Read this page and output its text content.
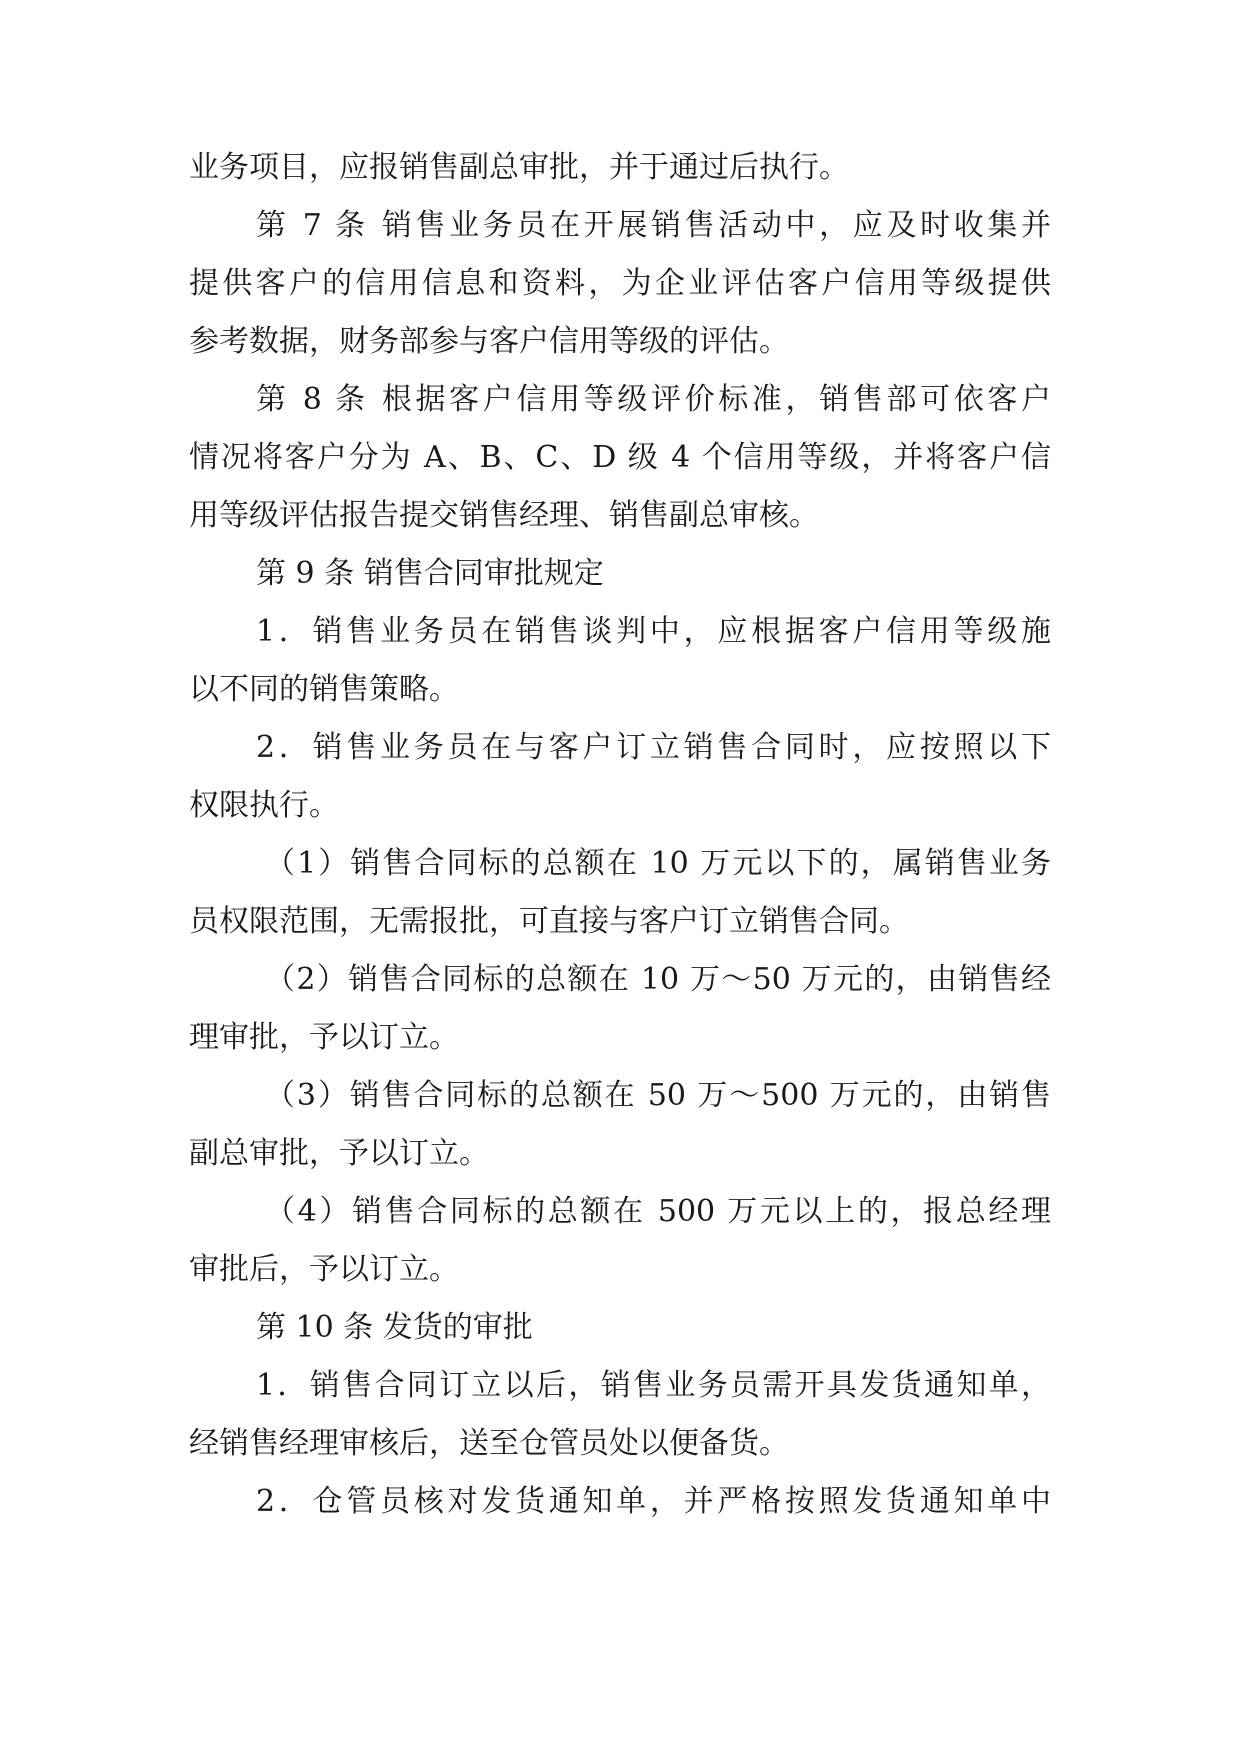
业务项目，应报销售副总审批，并于通过后执行。
第 7 条 销售业务员在开展销售活动中，应及时收集并
提供客户的信用信息和资料，为企业评估客户信用等级提供
参考数据，财务部参与客户信用等级的评估。
第 8 条 根据客户信用等级评价标准，销售部可依客户
情况将客户分为 A、B、C、D 级 4 个信用等级，并将客户信
用等级评估报告提交销售经理、销售副总审核。
第 9 条 销售合同审批规定
1．销售业务员在销售谈判中，应根据客户信用等级施
以不同的销售策略。
2．销售业务员在与客户订立销售合同时，应按照以下
权限执行。
（1）销售合同标的总额在 10 万元以下的，属销售业务
员权限范围，无需报批，可直接与客户订立销售合同。
（2）销售合同标的总额在 10 万～50 万元的，由销售经
理审批，予以订立。
（3）销售合同标的总额在 50 万～500 万元的，由销售
副总审批，予以订立。
（4）销售合同标的总额在 500 万元以上的，报总经理
审批后，予以订立。
第 10 条 发货的审批
1．销售合同订立以后，销售业务员需开具发货通知单，
经销售经理审核后，送至仓管员处以便备货。
2．仓管员核对发货通知单，并严格按照发货通知单中
